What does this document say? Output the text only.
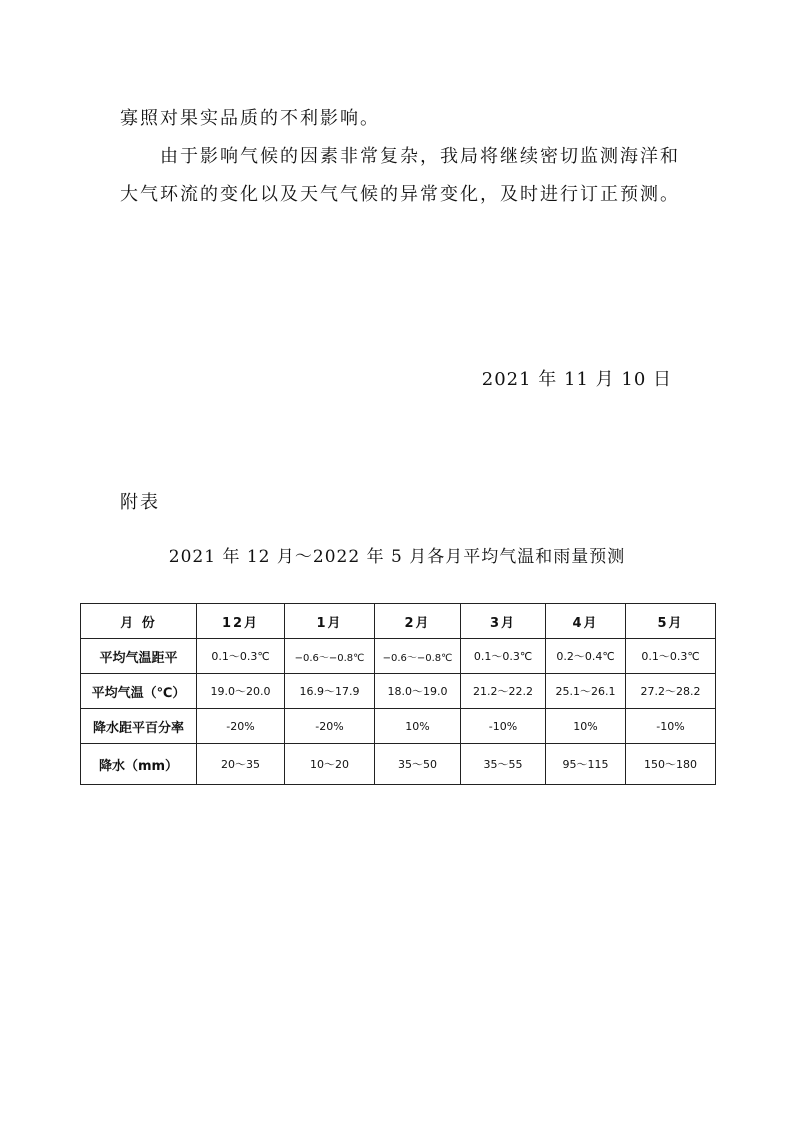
寡照对果实品质的不利影响。

由于影响气候的因素非常复杂，我局将继续密切监测海洋和大气环流的变化以及天气气候的异常变化，及时进行订正预测。

2021 年 11 月 10 日
附表
2021 年 12 月～2022 年 5 月各月平均气温和雨量预测
月 份	12月	1月	2月	3月	4月	5月
平均气温距平	0.1～0.3℃	−0.6～−0.8℃	−0.6～−0.8℃	0.1～0.3℃	0.2～0.4℃	0.1～0.3℃
平均气温（℃）	19.0～20.0	16.9～17.9	18.0～19.0	21.2～22.2	25.1～26.1	27.2～28.2
降水距平百分率	-20%	-20%	10%	-10%	10%	-10%
降水（mm）	20～35	10～20	35～50	35～55	95～115	150～180
